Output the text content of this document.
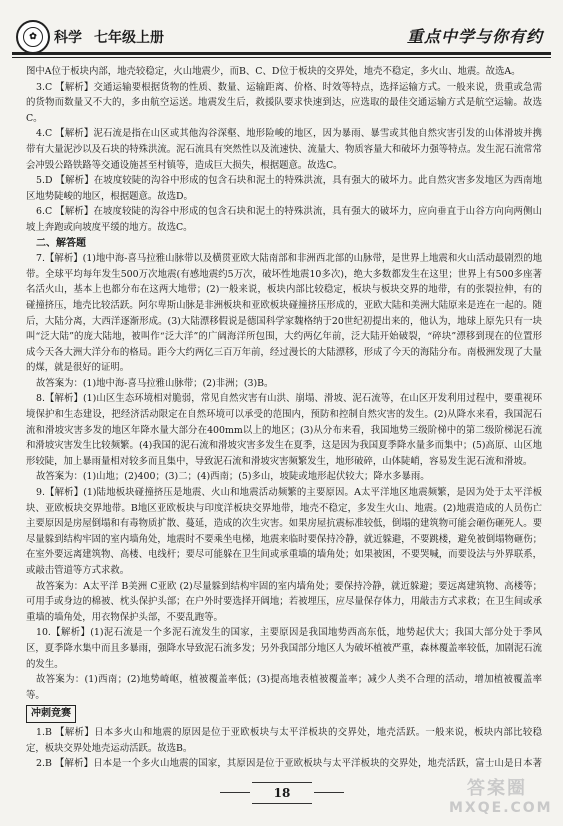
✿	科学 七年级上册	重点中学与你有约

图中A位于板块内部，地壳较稳定，火山地震少，而B、C、D位于板块的交界处，地壳不稳定，多火山、地震。故选A。

3.C 【解析】交通运输要根据货物的性质、数量、运输距离、价格、时效等特点，选择运输方式。一般来说，贵重或急需的货物而数量又不大的，多由航空运送。地震发生后，救援队要求快速到达，应选取的最佳交通运输方式是航空运输。故选C。

4.C 【解析】泥石流是指在山区或其他沟谷深壑、地形险峻的地区，因为暴雨、暴雪或其他自然灾害引发的山体滑坡并携带有大量泥沙以及石块的特殊洪流。泥石流具有突然性以及流速快、流量大、物质容量大和破坏力强等特点。发生泥石流常常会冲毁公路铁路等交通设施甚至村镇等，造成巨大损失，根据题意。故选C。

5.D 【解析】在坡度较陡的沟谷中形成的包含石块和泥土的特殊洪流，具有强大的破坏力。此自然灾害多发地区为西南地区地势陡峻的地区，根据题意。故选D。

6.C 【解析】在坡度较陡的沟谷中形成的包含石块和泥土的特殊洪流，具有强大的破坏力，应向垂直于山谷方向向两侧山坡上奔跑或向坡度平缓的地方。故选C。

二、解答题

7.【解析】(1)地中海-喜马拉雅山脉带以及横贯亚欧大陆南部和非洲西北部的山脉带，是世界上地震和火山活动最剧烈的地带。全球平均每年发生500万次地震(有感地震约5万次，破坏性地震10多次)，绝大多数都发生在这里；世界上有500多座著名活火山，基本上也都分布在这两大地带；(2)一般来说，板块内部比较稳定，板块与板块交界的地带，有的张裂拉伸，有的碰撞挤压，地壳比较活跃。阿尔卑斯山脉是非洲板块和亚欧板块碰撞挤压形成的，亚欧大陆和美洲大陆原来是连在一起的。随后，大陆分离，大西洋逐渐形成。(3)大陆漂移假说是德国科学家魏格纳于20世纪初提出来的，他认为，地球上原先只有一块叫“泛大陆”的庞大陆地，被叫作“泛大洋”的广阔海洋所包围，大约两亿年前，泛大陆开始破裂，“碎块”漂移到现在的位置形成今天各大洲大洋分布的格局。距今大约两亿三百万年前，经过漫长的大陆漂移，形成了今天的海陆分布。南极洲发现了大量的煤，就是很好的证明。

故答案为：(1)地中海-喜马拉雅山脉带；(2)非洲；(3)B。

8.【解析】(1)山区生态环境相对脆弱，常见自然灾害有山洪、崩塌、滑坡、泥石流等，在山区开发利用过程中，要重视环境保护和生态建设，把经济活动限定在自然环境可以承受的范围内，预防和控制自然灾害的发生。(2)从降水来看，我国泥石流和滑坡灾害多发的地区年降水量大部分在400mm以上的地区；(3)从分布来看，我国地势三级阶梯中的第二级阶梯泥石流和滑坡灾害发生比较频繁。(4)我国的泥石流和滑坡灾害多发生在夏季，这是因为我国夏季降水量多而集中；(5)高原、山区地形较陡，加上暴雨量相对较多而且集中，导致泥石流和滑坡灾害频繁发生，地形破碎，山体陡峭，容易发生泥石流和滑坡。

故答案为：(1)山地；(2)400；(3)二；(4)西南；(5)多山，坡陡或地形起伏较大；降水多暴雨。

9.【解析】(1)陆地板块碰撞挤压是地震、火山和地震活动频繁的主要原因。A太平洋地区地震频繁，是因为处于太平洋板块、亚欧板块交界地带。B地区亚欧板块与印度洋板块交界地带，地壳不稳定，多发生火山、地震。(2)地震造成的人员伤亡主要原因是房屋倒塌和有毒物质扩散、蔓延，造成的次生灾害。如果房屋抗震标准较低，倒塌的建筑物可能会砸伤砸死人。要尽量躲到结构牢固的室内墙角处，地震时不要乘坐电梯，地震来临时要保持冷静，就近躲避，不要跳楼，避免被倒塌物砸伤；在室外要远离建筑物、高楼、电线杆；要尽可能躲在卫生间或承重墙的墙角处；如果被困，不要哭喊，而要设法与外界联系，或敲击管道等方式求救。

故答案为：A太平洋 B美洲 C亚欧 (2)尽量躲到结构牢固的室内墙角处；要保持冷静，就近躲避；要远离建筑物、高楼等；可用手或身边的棉被、枕头保护头部；在户外时要选择开阔地；若被埋压，应尽量保存体力，用敲击方式求救；在卫生间或承重墙的墙角处，用衣物保护头部，不要乱跑等。

10.【解析】(1)泥石流是一个多泥石流发生的国家，主要原因是我国地势西高东低，地势起伏大；我国大部分处于季风区，夏季降水集中而且多暴雨，强降水导致泥石流多发；另外我国部分地区人为破坏植被严重，森林覆盖率较低，加剧泥石流的发生。

故答案为：(1)西南；(2)地势崎岖，植被覆盖率低；(3)提高地表植被覆盖率；减少人类不合理的活动，增加植被覆盖率等。

冲刺竞赛

1.B 【解析】日本多火山和地震的原因是位于亚欧板块与太平洋板块的交界处，地壳活跃。一般来说，板块内部比较稳定，板块交界处地壳运动活跃。故选B。

2.B 【解析】日本是一个多火山地震的国家，其原因是位于亚欧板块与太平洋板块的交界处，地壳活跃，富士山是日本著

18	答案圈
MXQE.COM
